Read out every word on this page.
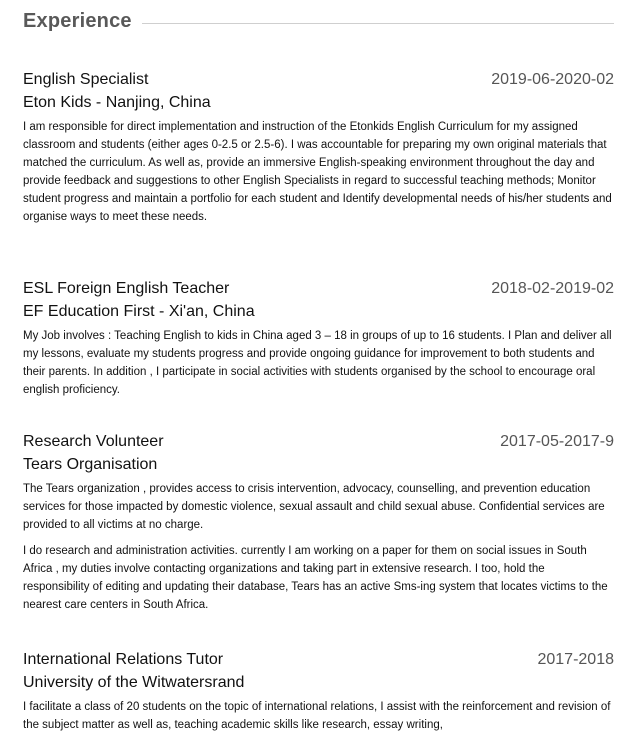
Experience
English Specialist	2019-06-2020-02
Eton Kids - Nanjing, China

I am responsible for direct implementation and instruction of the Etonkids English Curriculum for my assigned classroom and students (either ages 0-2.5 or 2.5-6). I was accountable for preparing my own original materials that matched the curriculum. As well as, provide an immersive English-speaking environment throughout the day and provide feedback and suggestions to other English Specialists in regard to successful teaching methods; Monitor student progress and maintain a portfolio for each student and Identify developmental needs of his/her students and organise ways to meet these needs.

ESL Foreign English Teacher	2018-02-2019-02
EF Education First - Xi'an, China

My Job involves : Teaching English to kids in China aged 3 – 18 in groups of up to 16 students. I Plan and deliver all my lessons, evaluate my students progress and provide ongoing guidance for improvement to both students and their parents. In addition , I participate in social activities with students organised by the school to encourage oral english proficiency.

Research Volunteer	2017-05-2017-9
Tears Organisation

The Tears organization , provides access to crisis intervention, advocacy, counselling, and prevention education services for those impacted by domestic violence, sexual assault and child sexual abuse. Confidential services are provided to all victims at no charge.

I do research and administration activities. currently I am working on a paper for them on social issues in South Africa , my duties involve contacting organizations and taking part in extensive research. I too, hold the responsibility of editing and updating their database, Tears has an active Sms-ing system that locates victims to the nearest care centers in South Africa.

International Relations Tutor	2017-2018
University of the Witwatersrand

I facilitate a class of 20 students on the topic of international relations, I assist with the reinforcement and revision of the subject matter as well as, teaching academic skills like research, essay writing,
